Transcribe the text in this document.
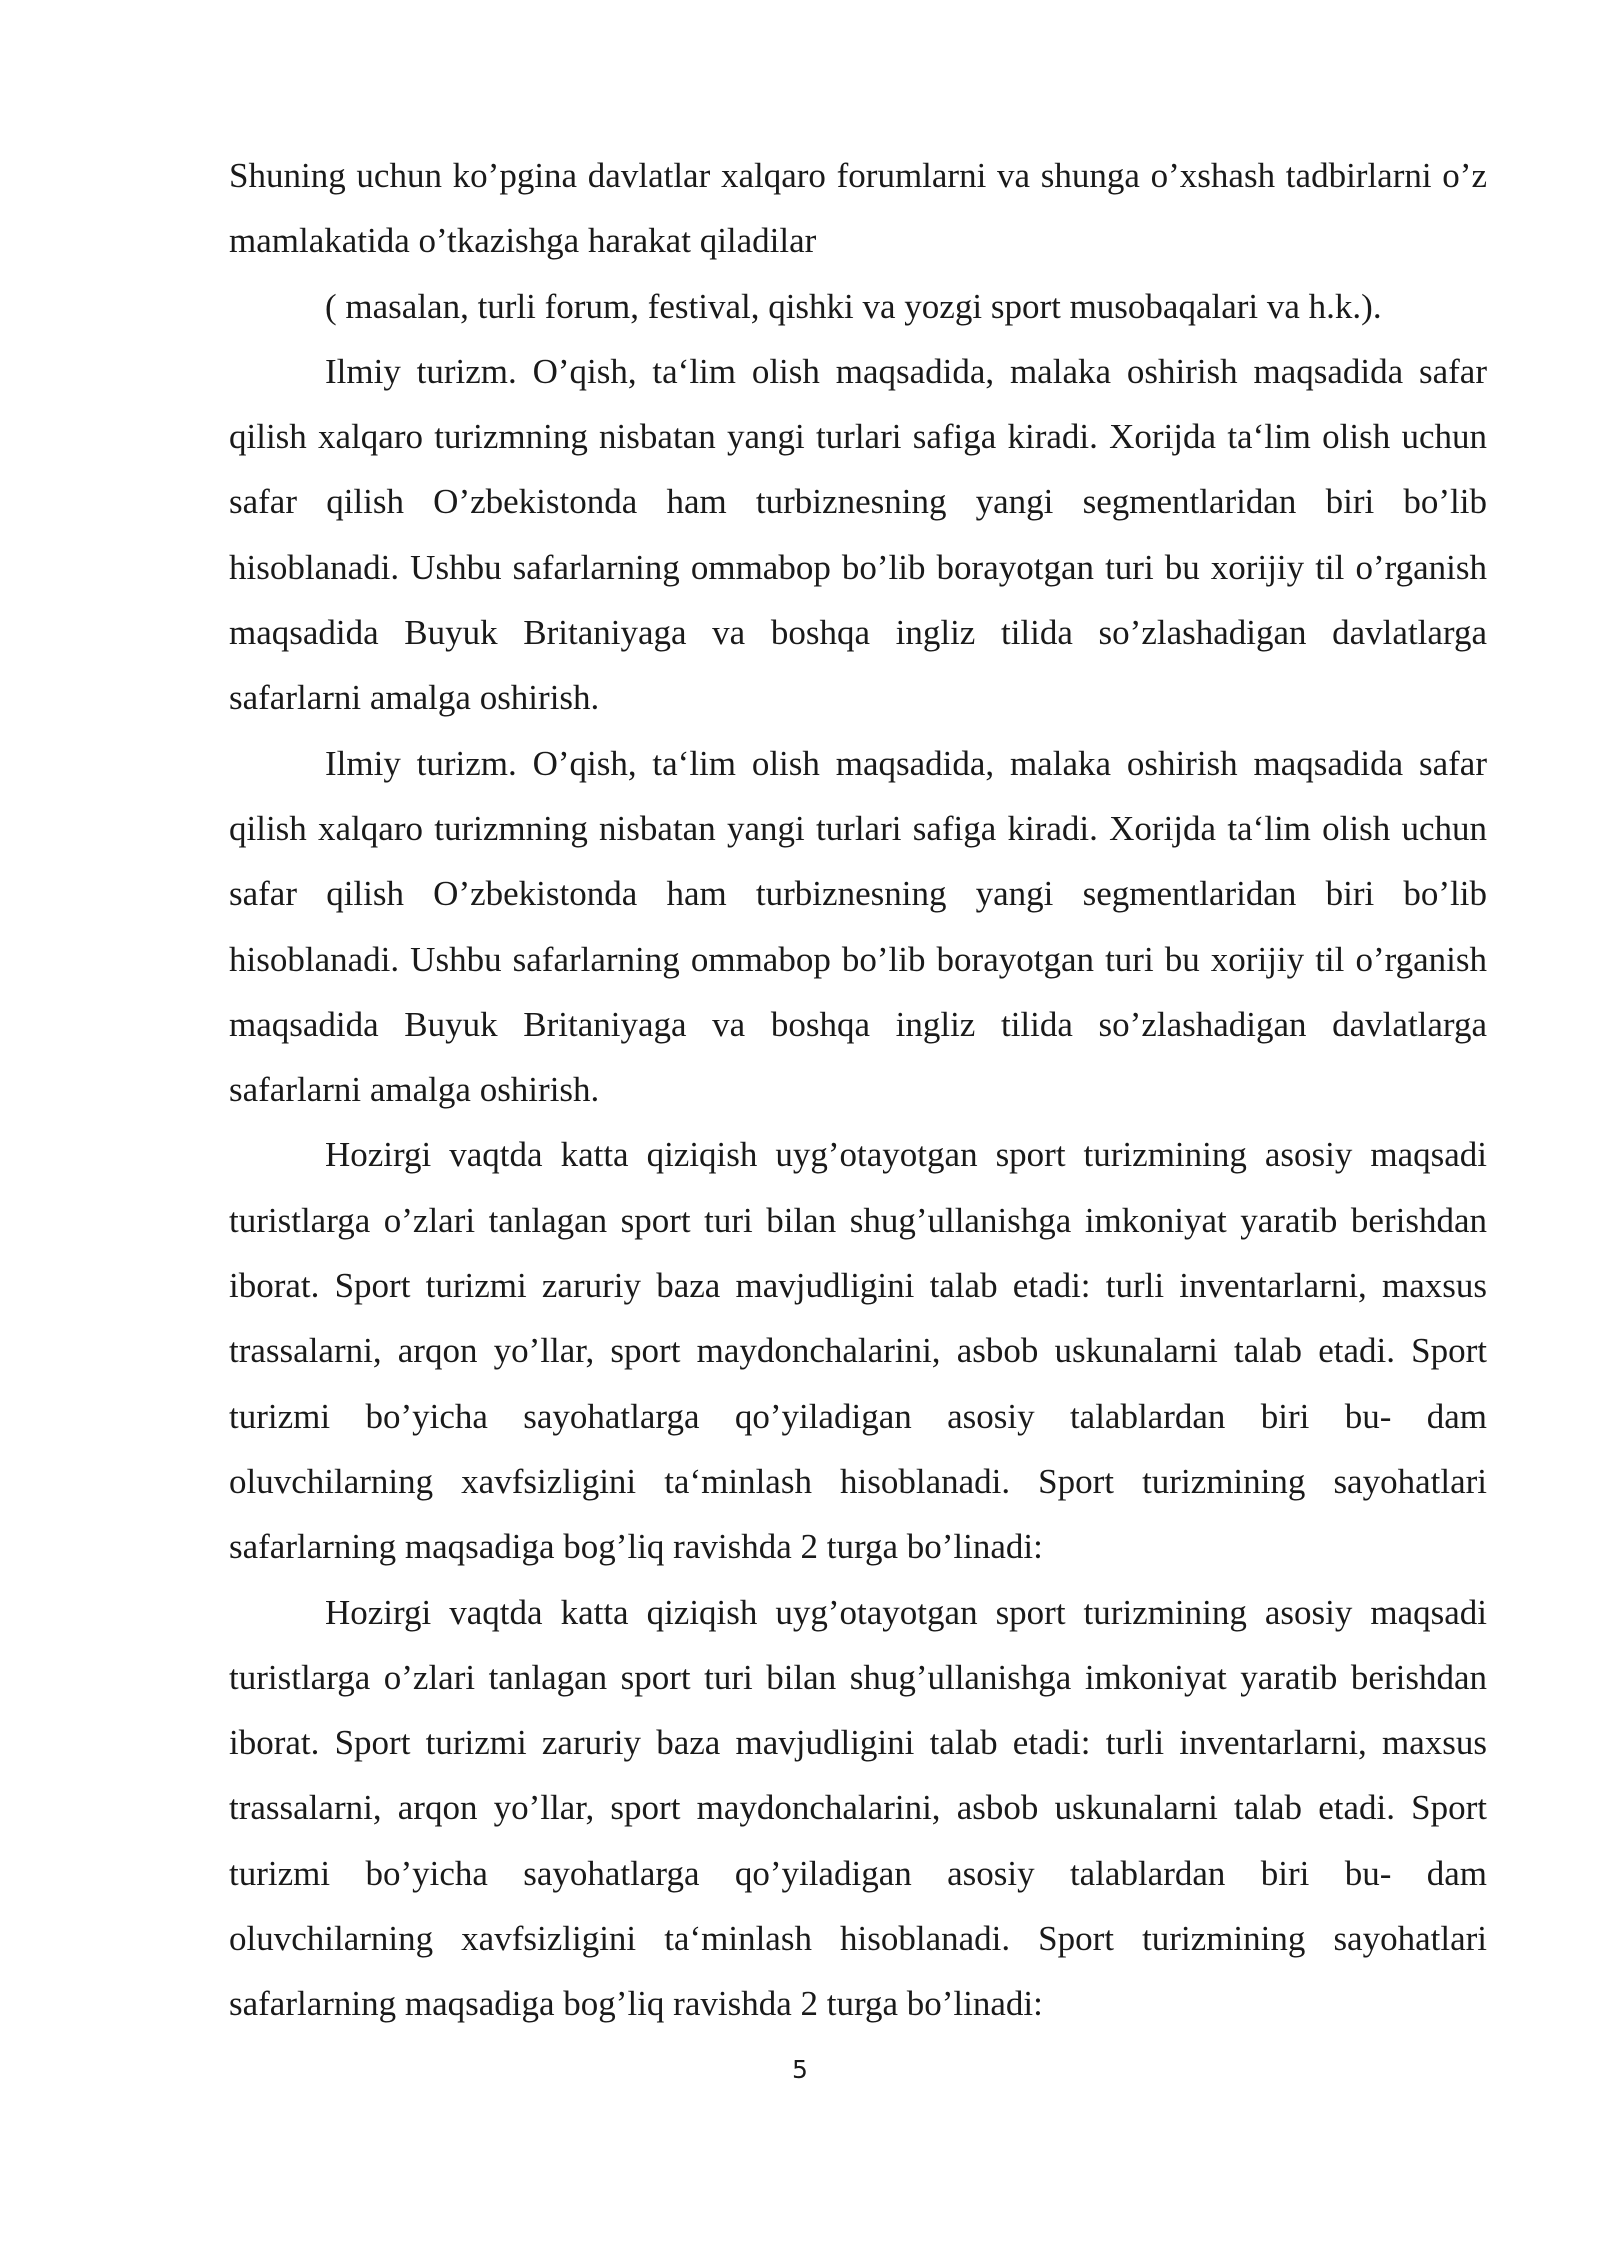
Shuning uchun ko’pgina davlatlar xalqaro forumlarni va shunga o’xshash tadbirlarni o’z mamlakatida o’tkazishga harakat qiladilar

( masalan, turli forum, festival, qishki va yozgi sport musobaqalari va h.k.).

Ilmiy turizm. O’qish, ta‘lim olish maqsadida, malaka oshirish maqsadida safar qilish xalqaro turizmning nisbatan yangi turlari safiga kiradi. Xorijda ta‘lim olish uchun safar qilish O’zbekistonda ham turbiznesning yangi segmentlaridan biri bo’lib hisoblanadi. Ushbu safarlarning ommabop bo’lib borayotgan turi bu xorijiy til o’rganish maqsadida Buyuk Britaniyaga va boshqa ingliz tilida so’zlashadigan davlatlarga safarlarni amalga oshirish.

Ilmiy turizm. O’qish, ta‘lim olish maqsadida, malaka oshirish maqsadida safar qilish xalqaro turizmning nisbatan yangi turlari safiga kiradi. Xorijda ta‘lim olish uchun safar qilish O’zbekistonda ham turbiznesning yangi segmentlaridan biri bo’lib hisoblanadi. Ushbu safarlarning ommabop bo’lib borayotgan turi bu xorijiy til o’rganish maqsadida Buyuk Britaniyaga va boshqa ingliz tilida so’zlashadigan davlatlarga safarlarni amalga oshirish.

Hozirgi vaqtda katta qiziqish uyg’otayotgan sport turizmining asosiy maqsadi turistlarga o’zlari tanlagan sport turi bilan shug’ullanishga imkoniyat yaratib berishdan iborat. Sport turizmi zaruriy baza mavjudligini talab etadi: turli inventarlarni, maxsus trassalarni, arqon yo’llar, sport maydonchalarini, asbob uskunalarni talab etadi. Sport turizmi bo’yicha sayohatlarga qo’yiladigan asosiy talablardan biri bu- dam oluvchilarning xavfsizligini ta‘minlash hisoblanadi. Sport turizmining sayohatlari safarlarning maqsadiga bog’liq ravishda 2 turga bo’linadi:

Hozirgi vaqtda katta qiziqish uyg’otayotgan sport turizmining asosiy maqsadi turistlarga o’zlari tanlagan sport turi bilan shug’ullanishga imkoniyat yaratib berishdan iborat. Sport turizmi zaruriy baza mavjudligini talab etadi: turli inventarlarni, maxsus trassalarni, arqon yo’llar, sport maydonchalarini, asbob uskunalarni talab etadi. Sport turizmi bo’yicha sayohatlarga qo’yiladigan asosiy talablardan biri bu- dam oluvchilarning xavfsizligini ta‘minlash hisoblanadi. Sport turizmining sayohatlari safarlarning maqsadiga bog’liq ravishda 2 turga bo’linadi:

5
